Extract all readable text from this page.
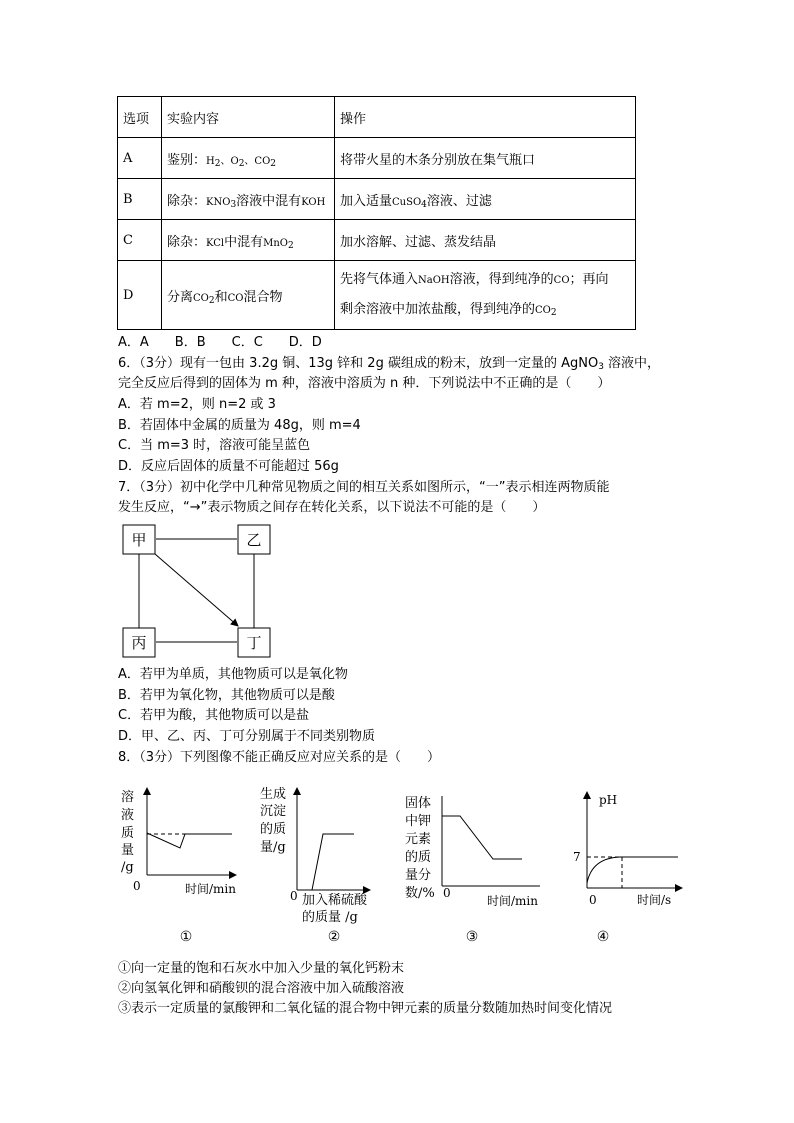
选项	实验内容	操作
A	鉴别：$H_2$、$O_2$、$CO_2$	将带火星的木条分别放在集气瓶口
B	除杂：$KNO_3$溶液中混有KOH	加入适量CuSO$_4$溶液、过滤
C	除杂：KCl中混有MnO$_2$	加水溶解、过滤、蒸发结晶
D	分离$CO_2$和CO混合物	先将气体通入NaOH溶液，得到纯净的CO；再向
剩余溶液中加浓盐酸，得到纯净的$CO_2$
A．A　　B．B　　C．C　　D．D
6．（3分）现有一包由 3.2g 铜、13g 锌和 2g 碳组成的粉末，放到一定量的 AgNO$_3$ 溶液中，
完全反应后得到的固体为 m 种，溶液中溶质为 n 种．下列说法中不正确的是（　　）
A．若 m=2，则 n=2 或 3
B．若固体中金属的质量为 48g，则 m=4
C．当 m=3 时，溶液可能呈蓝色
D．反应后固体的质量不可能超过 56g
7．（3分）初中化学中几种常见物质之间的相互关系如图所示，“一”表示相连两物质能
发生反应，“→”表示物质之间存在转化关系，以下说法不可能的是（　　）
甲	乙
丙	丁
A．若甲为单质，其他物质可以是氧化物
B．若甲为氧化物，其他物质可以是酸
C．若甲为酸，其他物质可以是盐
D．甲、乙、丙、丁可分别属于不同类别物质
8．（3分）下列图像不能正确反应对应关系的是（　　）
溶
液
质
量
/g
0	时间/min
①
生成
沉淀
的质
量/g
0 加入稀硫酸
的质量 /g
②
固体
中钾
元素
的质
量分
数/% 0
时间/min
③
pH
7
0	时间/s
④
①向一定量的饱和石灰水中加入少量的氧化钙粉末
②向氢氧化钾和硝酸钡的混合溶液中加入硫酸溶液
③表示一定质量的氯酸钾和二氧化锰的混合物中钾元素的质量分数随加热时间变化情况
